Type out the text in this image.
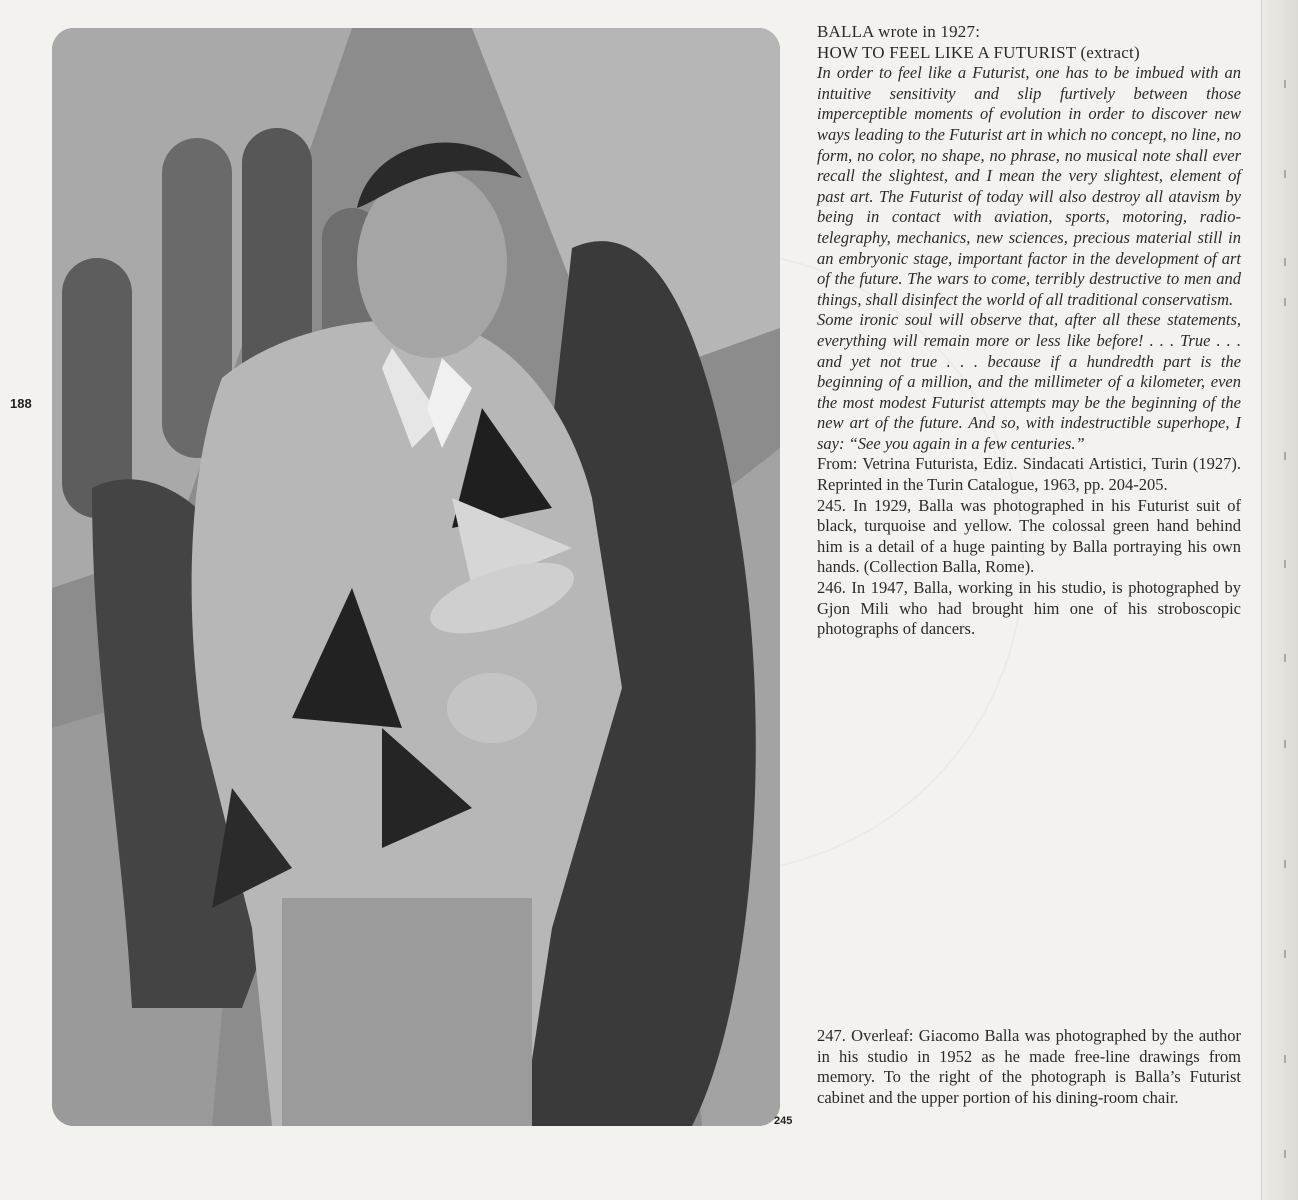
188
245

BALLA wrote in 1927:

HOW TO FEEL LIKE A FUTURIST (extract)

In order to feel like a Futurist, one has to be imbued with an intuitive sensitivity and slip furtively between those imperceptible moments of evolution in order to discover new ways leading to the Futurist art in which no concept, no line, no form, no color, no shape, no phrase, no musical note shall ever recall the slightest, and I mean the very slightest, element of past art. The Futurist of today will also destroy all atavism by being in contact with aviation, sports, motoring, radio-telegraphy, mechanics, new sciences, precious material still in an embryonic stage, important factor in the development of art of the future. The wars to come, terribly destructive to men and things, shall disinfect the world of all traditional conservatism.

Some ironic soul will observe that, after all these statements, everything will remain more or less like before! . . . True . . . and yet not true . . . because if a hundredth part is the beginning of a million, and the millimeter of a kilometer, even the most modest Futurist attempts may be the beginning of the new art of the future. And so, with indestructible superhope, I say: “See you again in a few centuries.”

From: Vetrina Futurista, Ediz. Sindacati Artistici, Turin (1927). Reprinted in the Turin Catalogue, 1963, pp. 204-205.

245. In 1929, Balla was photographed in his Futurist suit of black, turquoise and yellow. The colossal green hand behind him is a detail of a huge painting by Balla portraying his own hands. (Collection Balla, Rome).

246. In 1947, Balla, working in his studio, is photographed by Gjon Mili who had brought him one of his stroboscopic photographs of dancers.

247. Overleaf: Giacomo Balla was photographed by the author in his studio in 1952 as he made free-line drawings from memory. To the right of the photograph is Balla’s Futurist cabinet and the upper portion of his dining-room chair.
